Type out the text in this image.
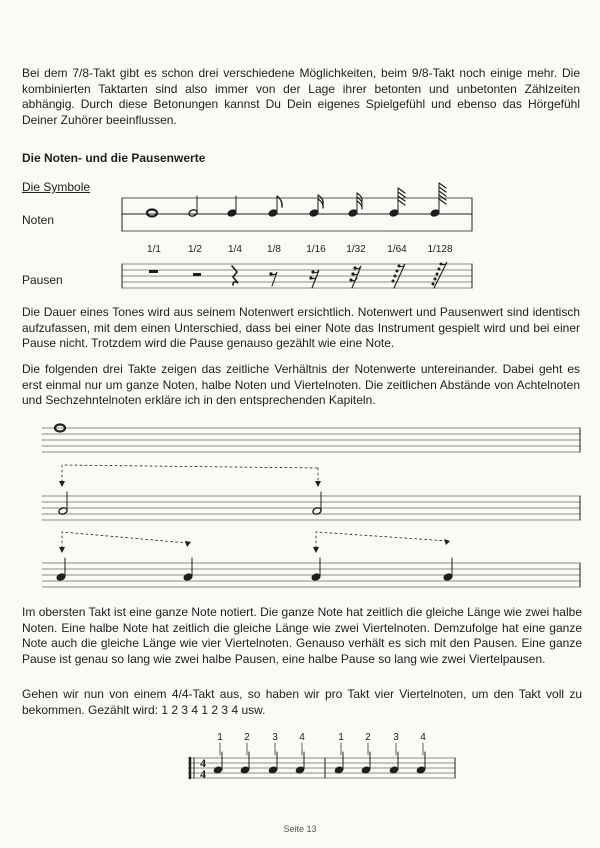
Bei dem 7/8-Takt gibt es schon drei verschiedene Möglichkeiten, beim 9/8-Takt noch einige mehr. Die kombinierten Taktarten sind also immer von der Lage ihrer betonten und unbetonten Zählzeiten abhängig. Durch diese Betonungen kannst Du Dein eigenes Spielgefühl und ebenso das Hörgefühl Deiner Zuhörer beeinflussen.

Die Noten- und die Pausenwerte

Die Symbole

Noten

Pausen

Die Dauer eines Tones wird aus seinem Notenwert ersichtlich. Notenwert und Pausenwert sind identisch aufzufassen, mit dem einen Unterschied, dass bei einer Note das Instrument gespielt wird und bei einer Pause nicht. Trotzdem wird die Pause genauso gezählt wie eine Note.

Die folgenden drei Takte zeigen das zeitliche Verhältnis der Notenwerte untereinander. Dabei geht es erst einmal nur um ganze Noten, halbe Noten und Viertelnoten. Die zeitlichen Abstände von Achtelnoten und Sechzehntelnoten erkläre ich in den entsprechenden Kapiteln.

Im obersten Takt ist eine ganze Note notiert. Die ganze Note hat zeitlich die gleiche Länge wie zwei halbe Noten. Eine halbe Note hat zeitlich die gleiche Länge wie zwei Viertelnoten. Demzufolge hat eine ganze Note auch die gleiche Länge wie vier Viertelnoten. Genauso verhält es sich mit den Pausen. Eine ganze Pause ist genau so lang wie zwei halbe Pausen, eine halbe Pause so lang wie zwei Viertelpausen.

Gehen wir nun von einem 4/4-Takt aus, so haben wir pro Takt vier Viertelnoten, um den Takt voll zu bekommen. Gezählt wird: 1 2 3 4 1 2 3 4 usw.

1/1	1/2	1/4	1/8	1/16 1/32 1/64 1/128
1 2 3 4	1 2 3 4
4
4
Seite 13
